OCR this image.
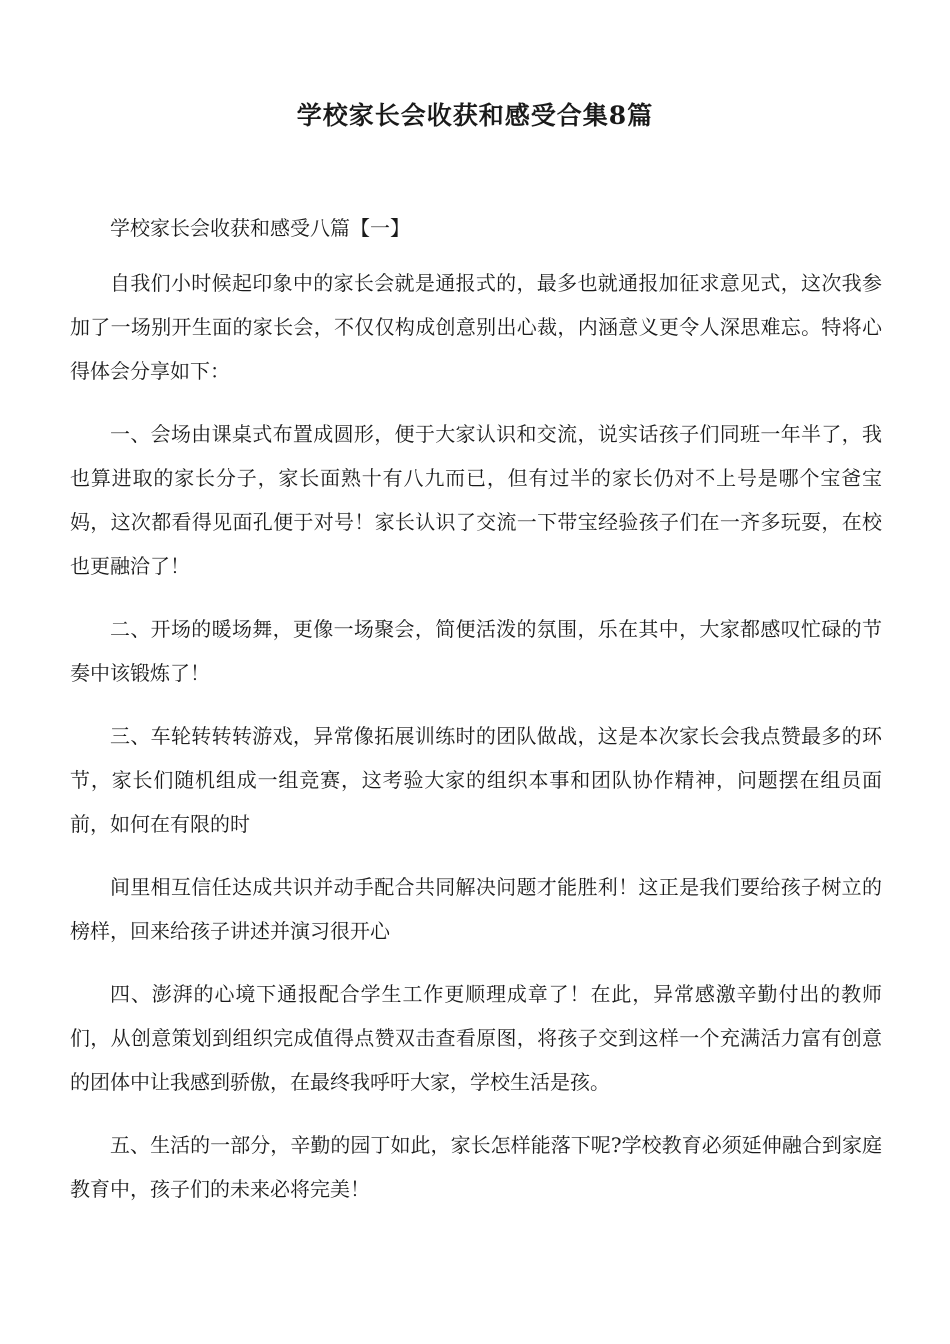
学校家长会收获和感受合集8篇

学校家长会收获和感受八篇【一】

自我们小时候起印象中的家长会就是通报式的，最多也就通报加征求意见式，这次我参加了一场别开生面的家长会，不仅仅构成创意别出心裁，内涵意义更令人深思难忘。特将心得体会分享如下：

一、会场由课桌式布置成圆形，便于大家认识和交流，说实话孩子们同班一年半了，我也算进取的家长分子，家长面熟十有八九而已，但有过半的家长仍对不上号是哪个宝爸宝妈，这次都看得见面孔便于对号！家长认识了交流一下带宝经验孩子们在一齐多玩耍，在校也更融洽了！

二、开场的暖场舞，更像一场聚会，简便活泼的氛围，乐在其中，大家都感叹忙碌的节奏中该锻炼了！

三、车轮转转转游戏，异常像拓展训练时的团队做战，这是本次家长会我点赞最多的环节，家长们随机组成一组竞赛，这考验大家的组织本事和团队协作精神，问题摆在组员面前，如何在有限的时

间里相互信任达成共识并动手配合共同解决问题才能胜利！这正是我们要给孩子树立的榜样，回来给孩子讲述并演习很开心

四、澎湃的心境下通报配合学生工作更顺理成章了！在此，异常感激辛勤付出的教师们，从创意策划到组织完成值得点赞双击查看原图，将孩子交到这样一个充满活力富有创意的团体中让我感到骄傲，在最终我呼吁大家，学校生活是孩。

五、生活的一部分，辛勤的园丁如此，家长怎样能落下呢?学校教育必须延伸融合到家庭教育中，孩子们的未来必将完美！
